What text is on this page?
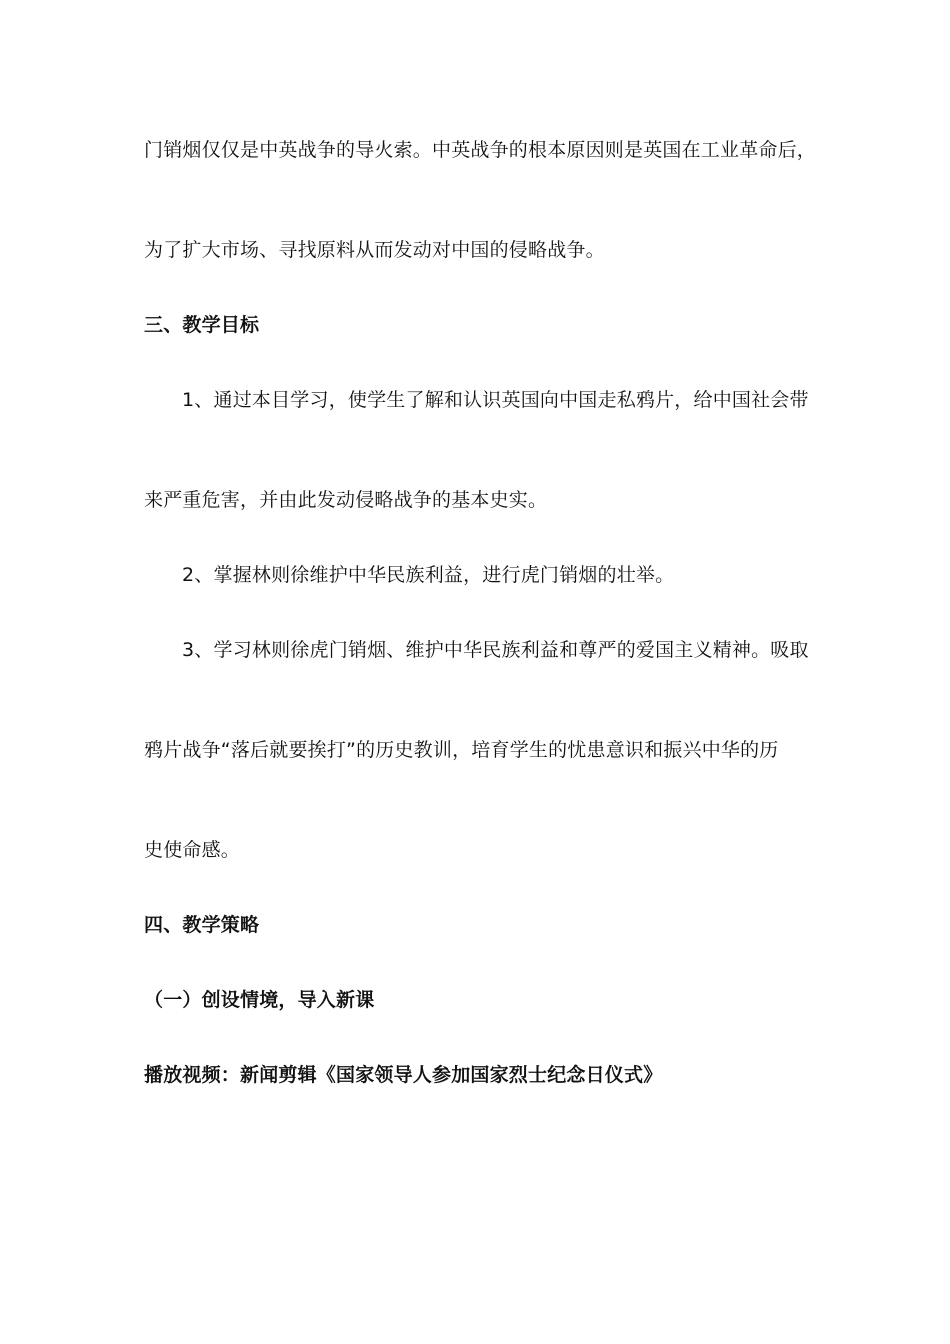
门销烟仅仅是中英战争的导火索。中英战争的根本原因则是英国在工业革命后，
为了扩大市场、寻找原料从而发动对中国的侵略战争。
三、教学目标
1、通过本目学习，使学生了解和认识英国向中国走私鸦片，给中国社会带
来严重危害，并由此发动侵略战争的基本史实。
2、掌握林则徐维护中华民族利益，进行虎门销烟的壮举。
3、学习林则徐虎门销烟、维护中华民族利益和尊严的爱国主义精神。吸取
鸦片战争“落后就要挨打”的历史教训，培育学生的忧患意识和振兴中华的历
史使命感。
四、教学策略
（一）创设情境，导入新课
播放视频：新闻剪辑《国家领导人参加国家烈士纪念日仪式》
